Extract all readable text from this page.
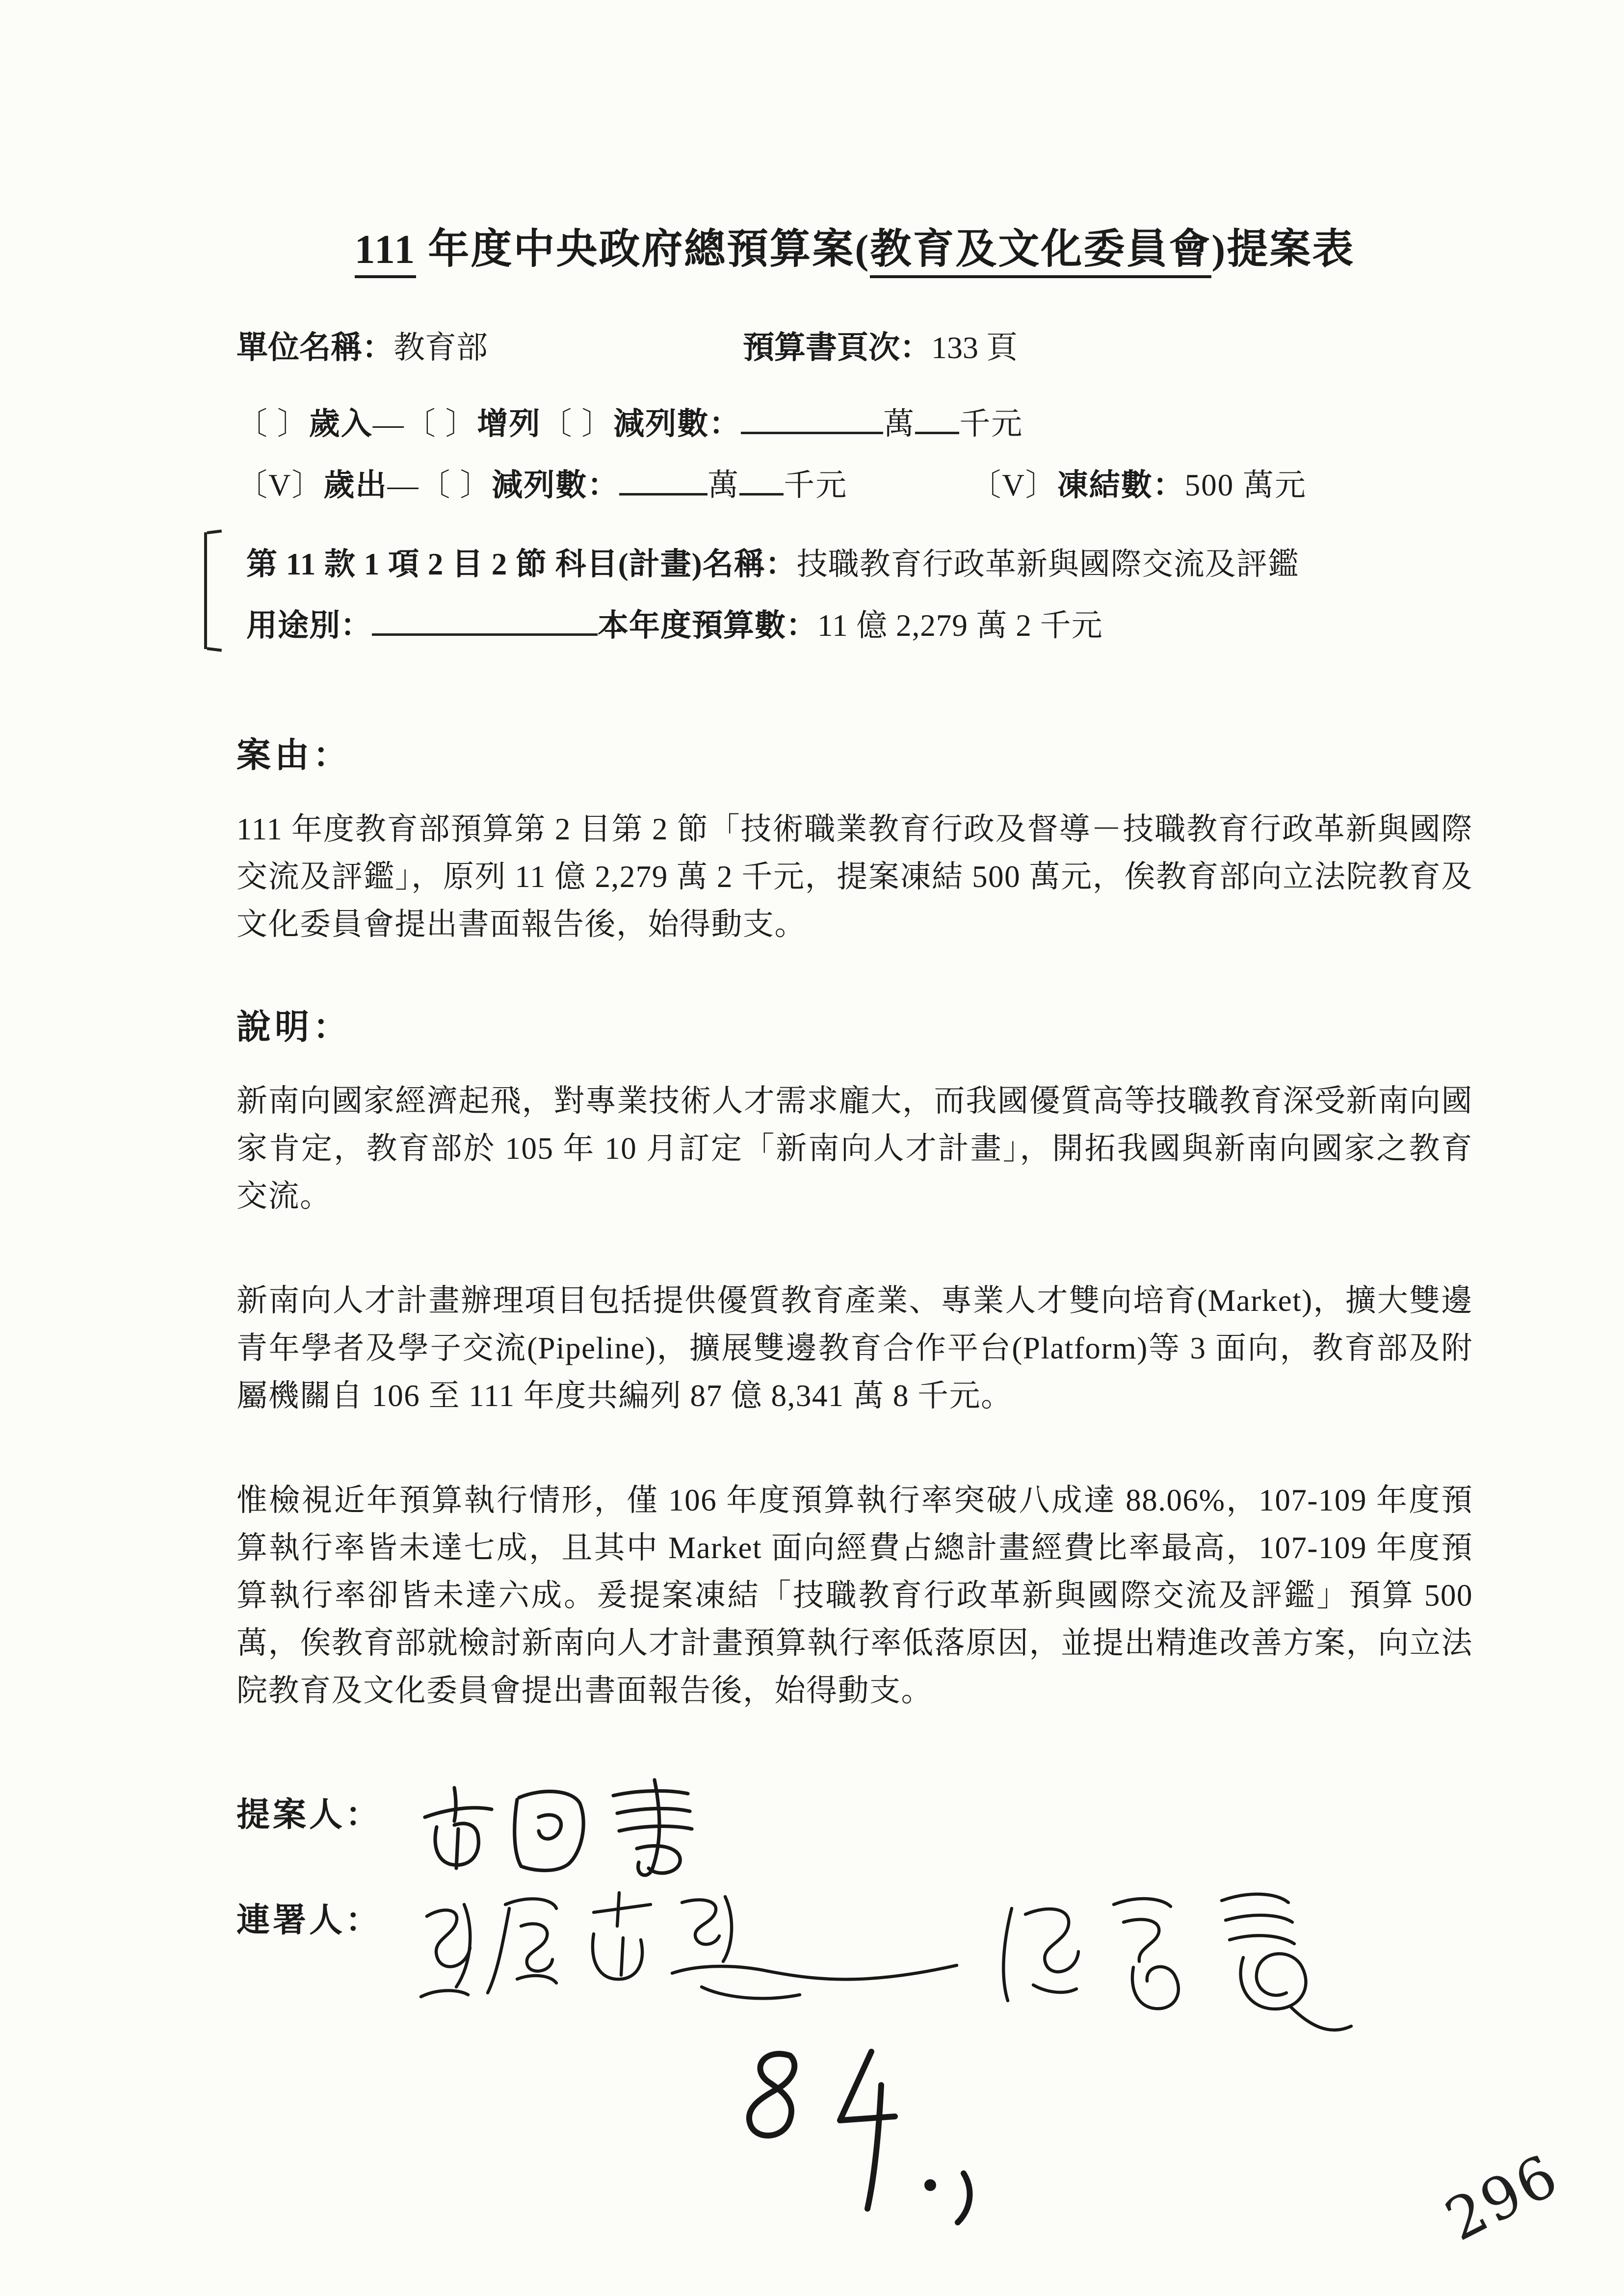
111 年度中央政府總預算案(教育及文化委員會)提案表
單位名稱：教育部	預算書頁次：133 頁
〔 〕歲入—〔 〕增列〔 〕減列數：	萬 千元
〔V〕歲出—〔 〕減列數：	萬 千元	〔V〕凍結數：500 萬元
第 11 款 1 項 2 目 2 節 科目(計畫)名稱：技職教育行政革新與國際交流及評鑑
用途別：	本年度預算數：11 億 2,279 萬 2 千元
案由：
111 年度教育部預算第 2 目第 2 節「技術職業教育行政及督導－技職教育行政革新與國際交流及評鑑」，原列 11 億 2,279 萬 2 千元，提案凍結 500 萬元，俟教育部向立法院教育及文化委員會提出書面報告後，始得動支。
說明：
新南向國家經濟起飛，對專業技術人才需求龐大，而我國優質高等技職教育深受新南向國家肯定，教育部於 105 年 10 月訂定「新南向人才計畫」，開拓我國與新南向國家之教育交流。
新南向人才計畫辦理項目包括提供優質教育產業、專業人才雙向培育(Market)，擴大雙邊青年學者及學子交流(Pipeline)，擴展雙邊教育合作平台(Platform)等 3 面向，教育部及附屬機關自 106 至 111 年度共編列 87 億 8,341 萬 8 千元。
惟檢視近年預算執行情形，僅 106 年度預算執行率突破八成達 88.06%，107-109 年度預算執行率皆未達七成，且其中 Market 面向經費占總計畫經費比率最高，107-109 年度預算執行率卻皆未達六成。爰提案凍結「技職教育行政革新與國際交流及評鑑」預算 500 萬，俟教育部就檢討新南向人才計畫預算執行率低落原因，並提出精進改善方案，向立法院教育及文化委員會提出書面報告後，始得動支。
提案人：
連署人：
296
